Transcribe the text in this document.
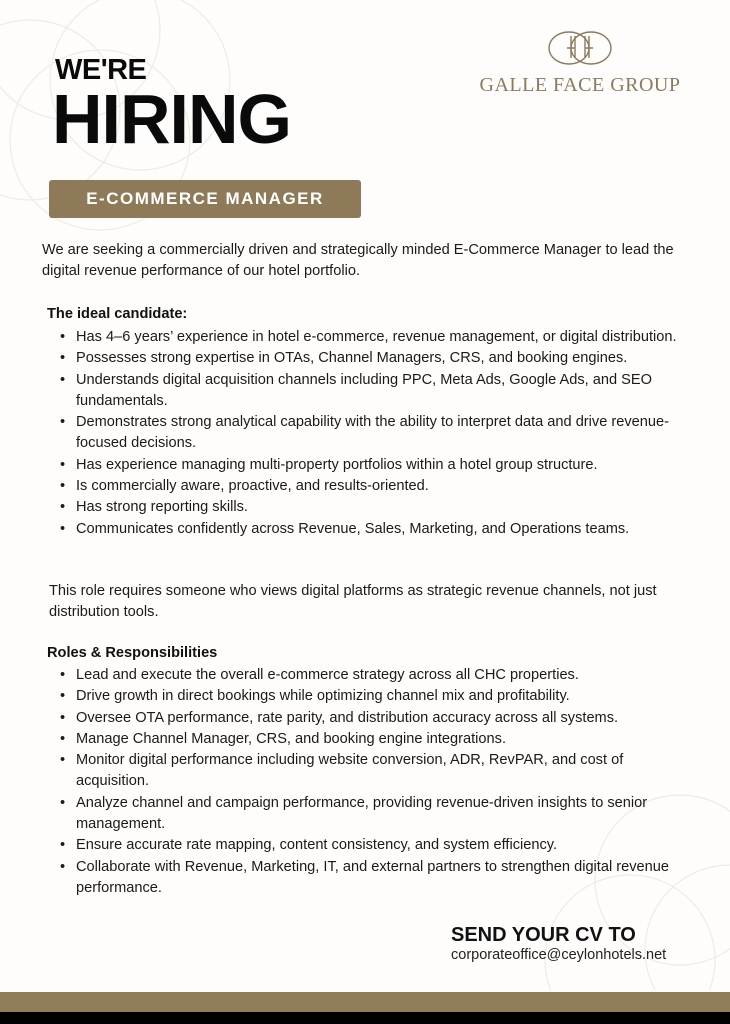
WE'RE
HIRING
E-COMMERCE MANAGER
GALLE FACE GROUP

We are seeking a commercially driven and strategically minded E-Commerce Manager to lead the digital revenue performance of our hotel portfolio.

The ideal candidate:
• Has 4–6 years’ experience in hotel e-commerce, revenue management, or digital distribution.
• Possesses strong expertise in OTAs, Channel Managers, CRS, and booking engines.
• Understands digital acquisition channels including PPC, Meta Ads, Google Ads, and SEO fundamentals.
• Demonstrates strong analytical capability with the ability to interpret data and drive revenue-focused decisions.
• Has experience managing multi-property portfolios within a hotel group structure.
• Is commercially aware, proactive, and results-oriented.
• Has strong reporting skills.
• Communicates confidently across Revenue, Sales, Marketing, and Operations teams.

This role requires someone who views digital platforms as strategic revenue channels, not just distribution tools.

Roles & Responsibilities
• Lead and execute the overall e-commerce strategy across all CHC properties.
• Drive growth in direct bookings while optimizing channel mix and profitability.
• Oversee OTA performance, rate parity, and distribution accuracy across all systems.
• Manage Channel Manager, CRS, and booking engine integrations.
• Monitor digital performance including website conversion, ADR, RevPAR, and cost of acquisition.
• Analyze channel and campaign performance, providing revenue-driven insights to senior management.
• Ensure accurate rate mapping, content consistency, and system efficiency.
• Collaborate with Revenue, Marketing, IT, and external partners to strengthen digital revenue performance.
SEND YOUR CV TO
corporateoffice@ceylonhotels.net
